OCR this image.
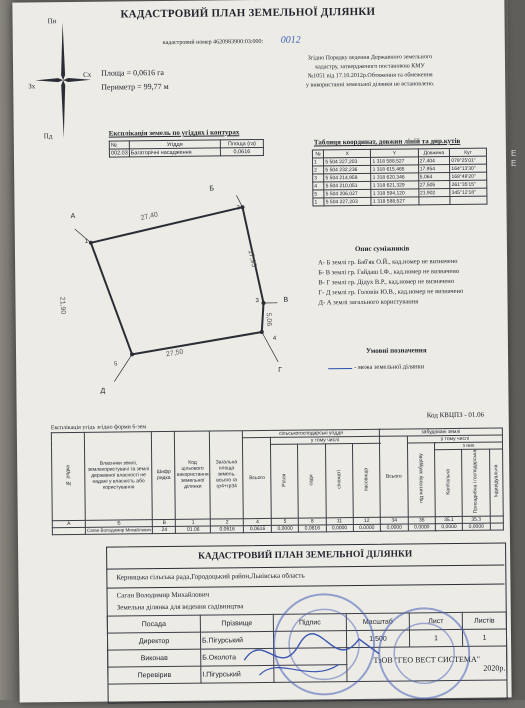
Е
Е
КАДАСТРОВИЙ ПЛАН ЗЕМЕЛЬНОЇ ДІЛЯНКИ
кадастровий номер 4620983900:03:000: 0012
Пн
Сх
Зх
Пд
Площа = 0,0616 га
Периметр = 99,77 м
Згідно Порядку ведення Державного земельного
кадастру, затвердженого постановою КМУ
№1051 від 17.10.2012р.Обтяження та обмеження
у використанні земельної ділянки не встановлено.
Експлікація земель по угіддях і контурах
№	Угіддя	Площа (га)
002.03	Багаторічні насадження	0,0616
Таблиця координат, довжин ліній та дир.кутів
№	X	Y	Довжина	Кут
1	5 504 227,203	1 318 588,527	27,404	079°25'01"
2	5 504 232,236	1 318 615,465	17,954	164°13'30"
3	5 504 214,958	1 318 620,346	5,064	168°49'20"
4	5 504 210,051	1 318 621,329	27,505	261°35'15"
5	5 504 206,027	1 318 594,120	21,902	345°12'18"
1	5 504 227,203	1 318 588,527		
1
2
3
4
5
А
Б
В
Г
Д
27,40
17,95
5,06
27,50
21,90
Опис суміжників
А- Б землі гр. Баб'як О.Й., кад.номер не визначено
Б- В землі гр. Гайдаш І.Ф., кад.номер не визначено
В- Г землі гр. Дідух В.Р., кад.номер не визначено
Г- Д землі гр. Головін Ю.В., кад.номер не визначено
Д- А землі загального користування
Умовні позначення
- межа земельної ділянки
Код КВЦПЗ - 01.06
Експлікація угідь згідно форми 6-зем
№ рядка	Власники землі, землекористувачі та землі державної власності не надані у власність або користування	Шифр рядка	Код цільового використання земельної ділянки	Загальна площа земель, всього га гр4+гр34	сільськогосподарські угіддя					забудовані землі				
					Всього	у тому числі				Всього	у тому числі			
						Рілля	сади	сіножаті	пасовища		під житлову забудову	з них		
												Капітальна	Присадибна і господарська	Індивідуальна
А	Б	В	1	2	4	5	8	11	12	34	35	35.1	35.3	
	Саган Володимир Михайлович	24	01.06	0,0616	0,0616	0,0000	0,0616	0,0000	0,0000	0,0000	0,0000	0,0000	0,0000	
КАДАСТРОВИЙ ПЛАН ЗЕМЕЛЬНОЇ ДІЛЯНКИ
Керницька сільська рада,Городоцький район,Львівська область
Саган Володимир Михайлович
Земельна ділянка для ведення садівництва
Посада	Прізвище	Підпис	Масштаб	Лист	Листів
Директор	Б.Пігурський		1:500	1	1
Виконав	Б.Околота		ТзОВ "ГЕО ВЕСТ СИСТЕМА"
2020р.		

Перевірив	І.Пігурський				
